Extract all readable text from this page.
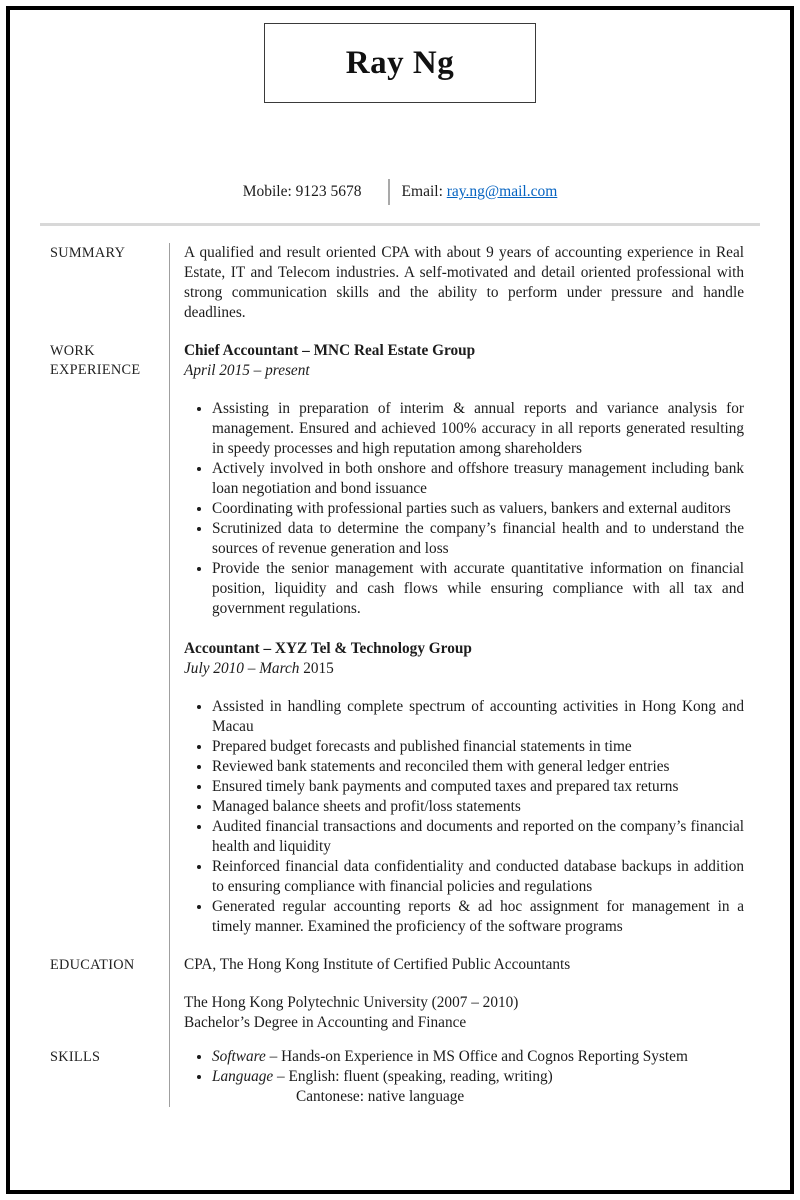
Ray Ng
Mobile: 9123 5678	Email: ray.ng@mail.com
SUMMARY	A qualified and result oriented CPA with about 9 years of accounting experience in Real Estate, IT and Telecom industries. A self-motivated and detail oriented professional with strong communication skills and the ability to perform under pressure and handle deadlines.

WORK EXPERIENCE
Chief Accountant – MNC Real Estate Group

April 2015 – present

• Assisting in preparation of interim & annual reports and variance analysis for management. Ensured and achieved 100% accuracy in all reports generated resulting in speedy processes and high reputation among shareholders
• Actively involved in both onshore and offshore treasury management including bank loan negotiation and bond issuance
• Coordinating with professional parties such as valuers, bankers and external auditors
• Scrutinized data to determine the company’s financial health and to understand the sources of revenue generation and loss
• Provide the senior management with accurate quantitative information on financial position, liquidity and cash flows while ensuring compliance with all tax and government regulations.
Accountant – XYZ Tel & Technology Group

July 2010 – March 2015

• Assisted in handling complete spectrum of accounting activities in Hong Kong and Macau
• Prepared budget forecasts and published financial statements in time
• Reviewed bank statements and reconciled them with general ledger entries
• Ensured timely bank payments and computed taxes and prepared tax returns
• Managed balance sheets and profit/loss statements
• Audited financial transactions and documents and reported on the company’s financial health and liquidity
• Reinforced financial data confidentiality and conducted database backups in addition to ensuring compliance with financial policies and regulations
• Generated regular accounting reports & ad hoc assignment for management in a timely manner. Examined the proficiency of the software programs
EDUCATION	CPA, The Hong Kong Institute of Certified Public Accountants

The Hong Kong Polytechnic University (2007 – 2010)

Bachelor’s Degree in Accounting and Finance

SKILLS	• Software – Hands-on Experience in MS Office and Cognos Reporting System
• Language – English: fluent (speaking, reading, writing)
Cantonese: native language
